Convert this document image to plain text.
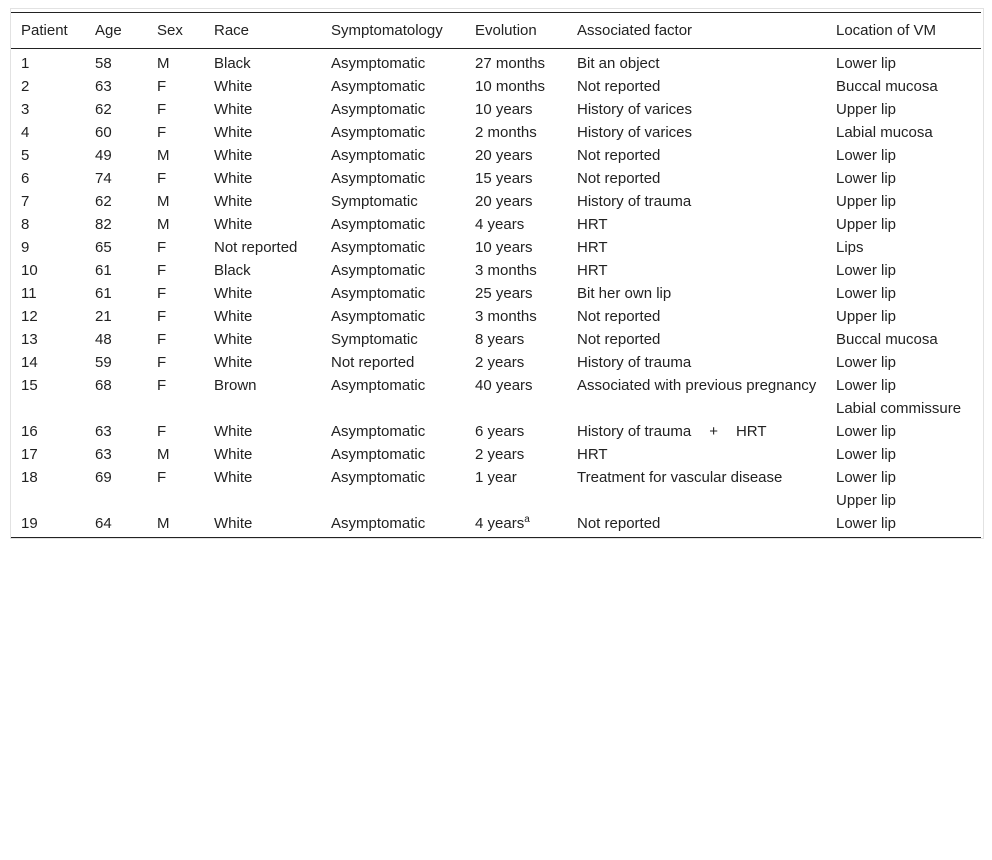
Patient	Age	Sex	Race	Symptomatology	Evolution	Associated factor	Location of VM
1	58	M	Black	Asymptomatic	27 months	Bit an object	Lower lip
2	63	F	White	Asymptomatic	10 months	Not reported	Buccal mucosa
3	62	F	White	Asymptomatic	10 years	History of varices	Upper lip
4	60	F	White	Asymptomatic	2 months	History of varices	Labial mucosa
5	49	M	White	Asymptomatic	20 years	Not reported	Lower lip
6	74	F	White	Asymptomatic	15 years	Not reported	Lower lip
7	62	M	White	Symptomatic	20 years	History of trauma	Upper lip
8	82	M	White	Asymptomatic	4 years	HRT	Upper lip
9	65	F	Not reported	Asymptomatic	10 years	HRT	Lips
10	61	F	Black	Asymptomatic	3 months	HRT	Lower lip
11	61	F	White	Asymptomatic	25 years	Bit her own lip	Lower lip
12	21	F	White	Asymptomatic	3 months	Not reported	Upper lip
13	48	F	White	Symptomatic	8 years	Not reported	Buccal mucosa
14	59	F	White	Not reported	2 years	History of trauma	Lower lip
15	68	F	Brown	Asymptomatic	40 years	Associated with previous pregnancy	Lower lip
							Labial commissure
16	63	F	White	Asymptomatic	6 years	History of trauma + HRT	Lower lip
17	63	M	White	Asymptomatic	2 years	HRT	Lower lip
18	69	F	White	Asymptomatic	1 year	Treatment for vascular disease	Lower lip
							Upper lip
19	64	M	White	Asymptomatic	4 years$^a$	Not reported	Lower lip
